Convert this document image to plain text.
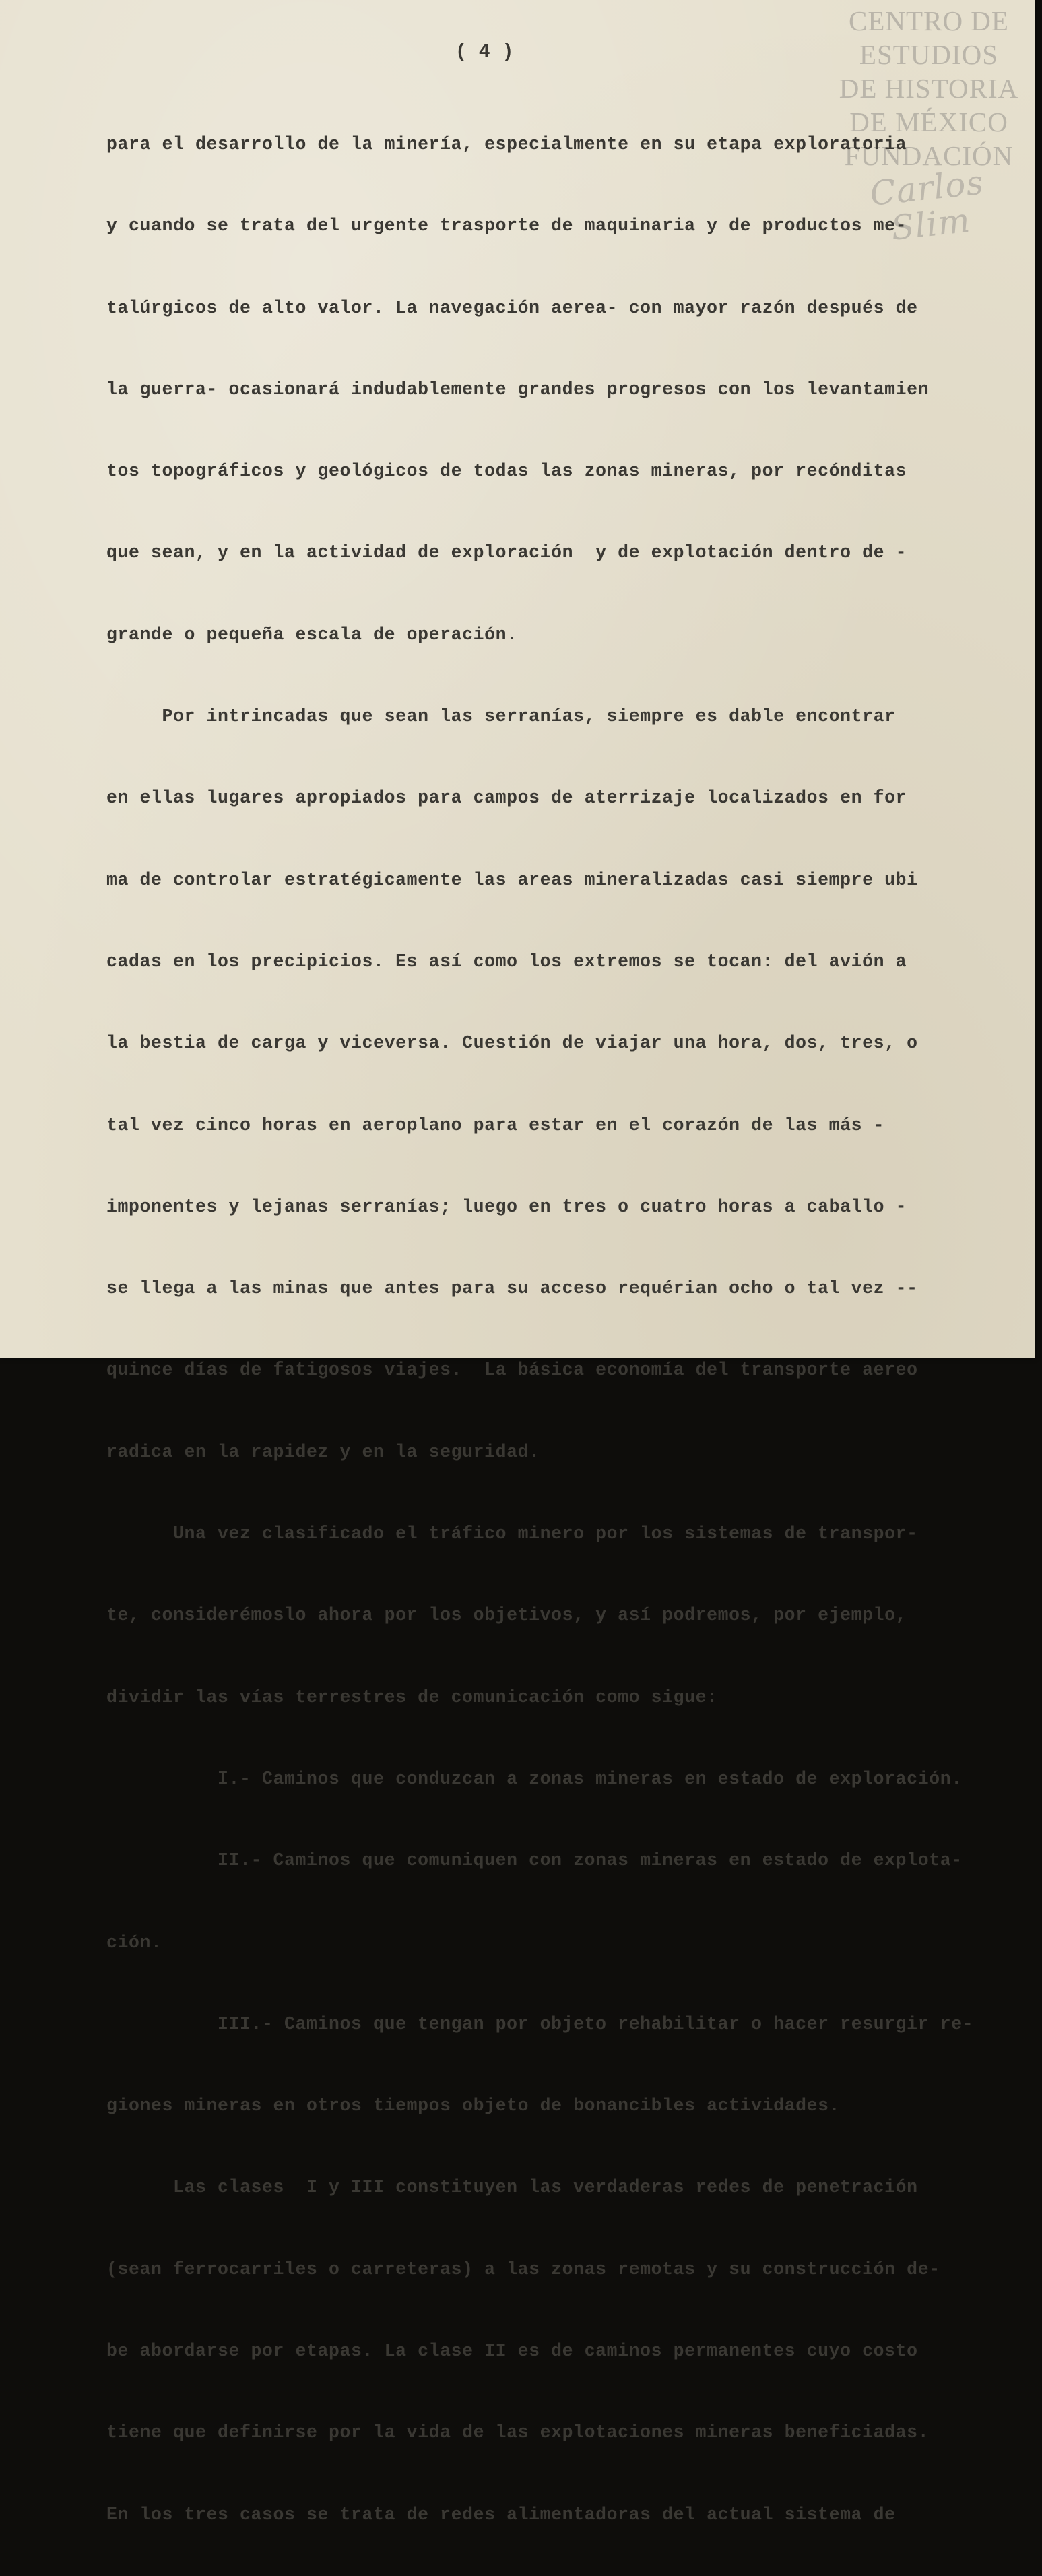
CENTRO DE
ESTUDIOS
DE HISTORIA
DE MÉXICO
FUNDACIÓN
Carlos Slim
( 4 )

para el desarrollo de la minería, especialmente en su etapa exploratoria

y cuando se trata del urgente trasporte de maquinaria y de productos me-

talúrgicos de alto valor. La navegación aerea- con mayor razón después de

la guerra- ocasionará indudablemente grandes progresos con los levantamien

tos topográficos y geológicos de todas las zonas mineras, por recónditas

que sean, y en la actividad de exploración  y de explotación dentro de -

grande o pequeña escala de operación.

Por intrincadas que sean las serranías, siempre es dable encontrar

en ellas lugares apropiados para campos de aterrizaje localizados en for

ma de controlar estratégicamente las areas mineralizadas casi siempre ubi

cadas en los precipicios. Es así como los extremos se tocan: del avión a

la bestia de carga y viceversa. Cuestión de viajar una hora, dos, tres, o

tal vez cinco horas en aeroplano para estar en el corazón de las más -

imponentes y lejanas serranías; luego en tres o cuatro horas a caballo -

se llega a las minas que antes para su acceso requérian ocho o tal vez --

quince días de fatigosos viajes.  La básica economía del transporte aereo

radica en la rapidez y en la seguridad.

Una vez clasificado el tráfico minero por los sistemas de transpor-

te, considerémoslo ahora por los objetivos, y así podremos, por ejemplo,

dividir las vías terrestres de comunicación como sigue:

I.- Caminos que conduzcan a zonas mineras en estado de exploración.

II.- Caminos que comuniquen con zonas mineras en estado de explota-

ción.

III.- Caminos que tengan por objeto rehabilitar o hacer resurgir re-

giones mineras en otros tiempos objeto de bonancibles actividades.

Las clases  I y III constituyen las verdaderas redes de penetración

(sean ferrocarriles o carreteras) a las zonas remotas y su construcción de-

be abordarse por etapas. La clase II es de caminos permanentes cuyo costo

tiene que definirse por la vida de las explotaciones mineras beneficiadas.

En los tres casos se trata de redes alimentadoras del actual sistema de
